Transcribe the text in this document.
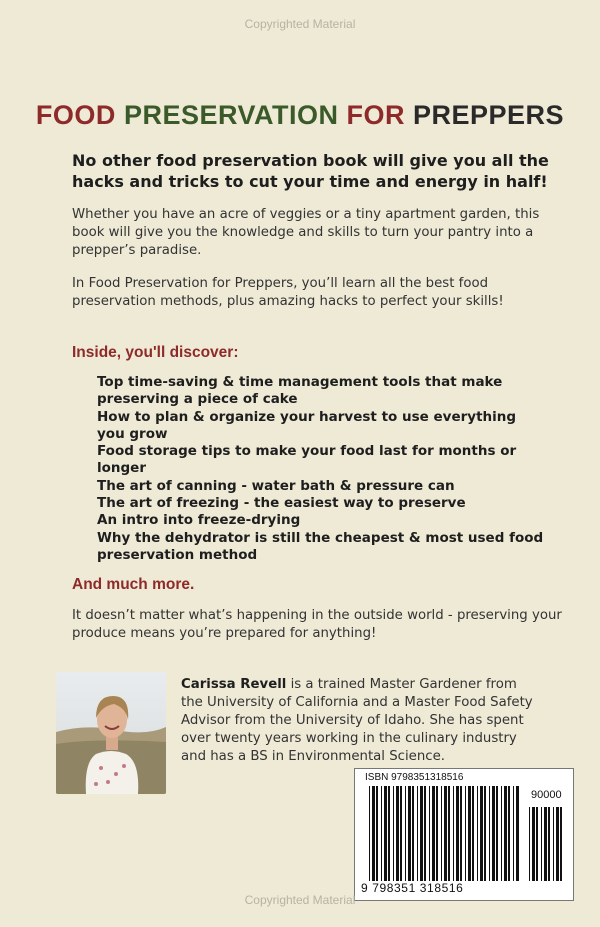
Copyrighted Material
FOOD PRESERVATION FOR PREPPERS
No other food preservation book will give you all the hacks and tricks to cut your time and energy in half!
Whether you have an acre of veggies or a tiny apartment garden, this book will give you the knowledge and skills to turn your pantry into a prepper’s paradise.
In Food Preservation for Preppers, you’ll learn all the best food preservation methods, plus amazing hacks to perfect your skills!
Inside, you'll discover:
Top time-saving & time management tools that make preserving a piece of cake
How to plan & organize your harvest to use everything you grow
Food storage tips to make your food last for months or longer
The art of canning - water bath & pressure can
The art of freezing - the easiest way to preserve
An intro into freeze-drying
Why the dehydrator is still the cheapest & most used food preservation method
And much more.
It doesn’t matter what’s happening in the outside world - preserving your produce means you’re prepared for anything!
Carissa Revell is a trained Master Gardener from the University of California and a Master Food Safety Advisor from the University of Idaho. She has spent over twenty years working in the culinary industry and has a BS in Environmental Science.
ISBN 9798351318516
90000
9 798351 318516
Copyrighted Material
